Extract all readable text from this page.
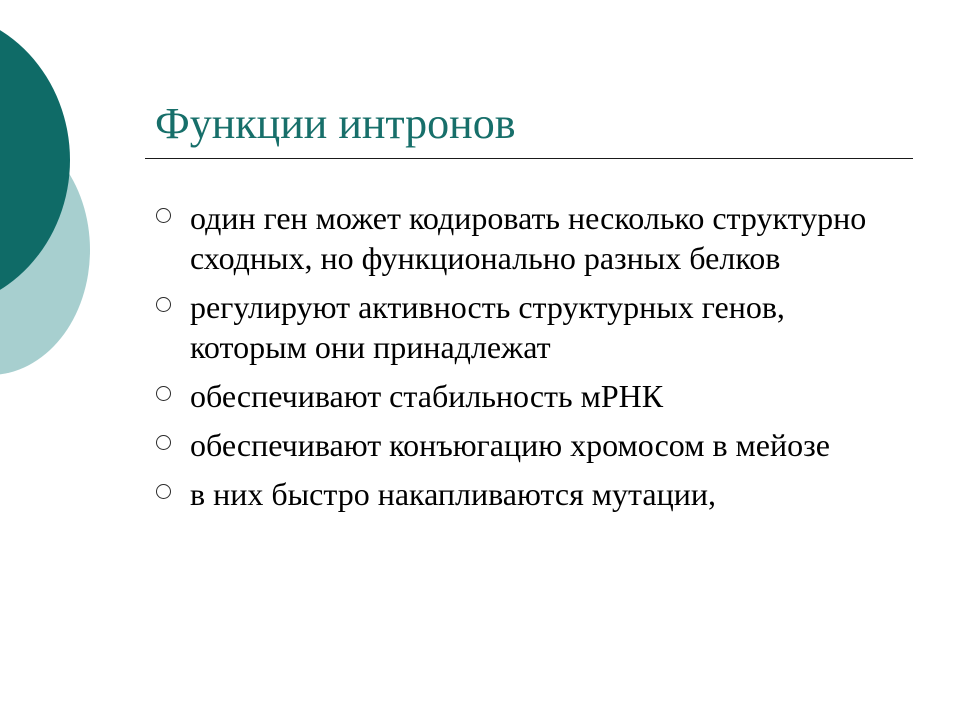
Функции интронов
один ген может кодировать несколько структурно сходных, но функционально разных белков
регулируют активность структурных генов, которым они принадлежат
обеспечивают стабильность мРНК
обеспечивают конъюгацию хромосом в мейозе
в них быстро накапливаются мутации,
